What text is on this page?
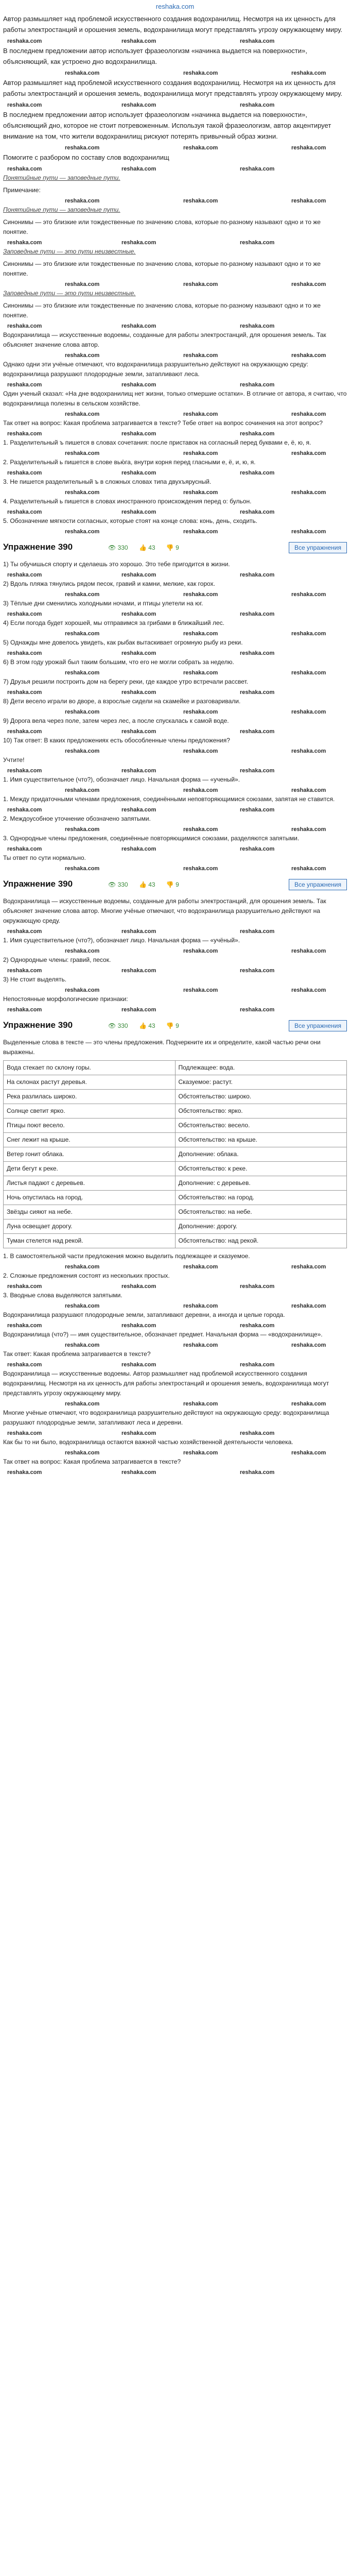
reshaka.com

Автор размышляет над проблемой искусственного создания водохранилищ. Несмотря на их ценность для работы электростанций и орошения земель, водохранилища могут представлять угрозу окружающему миру.

reshaka.com	reshaka.com	reshaka.com

В последнем предложении автор использует фразеологизм «начинка выдается на поверхности», объясняющий, как устроено дно водохранилища.

reshaka.com	reshaka.com	reshaka.com

Автор размышляет над проблемой искусственного создания водохранилищ. Несмотря на их ценность для работы электростанций и орошения земель, водохранилища могут представлять угрозу окружающему миру.

reshaka.com	reshaka.com	reshaka.com

В последнем предложении автор использует фразеологизм «начинка выдается на поверхности», объясняющий дно, которое не стоит потревоженным. Используя такой фразеологизм, автор акцентирует внимание на том, что жители водохранилищ рискуют потерять привычный образ жизни.

reshaka.com	reshaka.com	reshaka.com

Помогите с разбором по составу слов водохранилищ

reshaka.com	reshaka.com	reshaka.com

Понятийные пути — заповедные пути.

Примечание:

reshaka.com	reshaka.com	reshaka.com

Понятийные пути — заповедные пути.

Синонимы — это близкие или тождественные по значению слова, которые по-разному называют одно и то же понятие.

reshaka.com	reshaka.com	reshaka.com

Заповедные пути — это пути неизвестные.

Синонимы — это близкие или тождественные по значению слова, которые по-разному называют одно и то же понятие.

reshaka.com	reshaka.com	reshaka.com

Заповедные пути — это пути неизвестные.

Синонимы — это близкие или тождественные по значению слова, которые по-разному называют одно и то же понятие.

reshaka.com	reshaka.com	reshaka.com

Водохранилища — искусственные водоемы, созданные для работы электростанций, для орошения земель. Так объясняет значение слова автор.

reshaka.com	reshaka.com	reshaka.com

Однако одни эти учёные отмечают, что водохранилища разрушительно действуют на окружающую среду: водохранилища разрушают плодородные земли, затапливают леса.

reshaka.com	reshaka.com	reshaka.com

Один ученый сказал: «На дне водохранилищ нет жизни, только отмершие остатки». В отличие от автора, я считаю, что водохранилища полезны в сельском хозяйстве.

reshaka.com	reshaka.com	reshaka.com

Так ответ на вопрос: Какая проблема затрагивается в тексте? Тебе ответ на вопрос сочинения на этот вопрос?

reshaka.com	reshaka.com	reshaka.com

1. Разделительный ъ пишется в словах сочетания: после приставок на согласный перед буквами е, ё, ю, я.

reshaka.com	reshaka.com	reshaka.com

2. Разделительный ь пишется в слове вью́га, внутри корня перед гласными е, ё, и, ю, я.

reshaka.com	reshaka.com	reshaka.com

3. Не пишется разделительный ъ в сложных словах типа двухъярусный.

reshaka.com	reshaka.com	reshaka.com

4. Разделительный ь пишется в словах иностранного происхождения перед о: бульон.

reshaka.com	reshaka.com	reshaka.com

5. Обозначение мягкости согласных, которые стоят на конце слова: конь, день, сходить.

reshaka.com	reshaka.com	reshaka.com
Упражнение 390	👁 330 👍 43 👎 9	Все упражнения

1) Ты обучишься спорту и сделаешь это хорошо. Это тебе пригодится в жизни.

reshaka.com	reshaka.com	reshaka.com

2) Вдоль пляжа тянулись рядом песок, гравий и камни, мелкие, как горох.

reshaka.com	reshaka.com	reshaka.com

3) Тёплые дни сменились холодными ночами, и птицы улетели на юг.

reshaka.com	reshaka.com	reshaka.com

4) Если погода будет хорошей, мы отправимся за грибами в ближайший лес.

reshaka.com	reshaka.com	reshaka.com

5) Однажды мне довелось увидеть, как рыбак вытаскивает огромную рыбу из реки.

reshaka.com	reshaka.com	reshaka.com

6) В этом году урожай был таким большим, что его не могли собрать за неделю.

reshaka.com	reshaka.com	reshaka.com

7) Друзья решили построить дом на берегу реки, где каждое утро встречали рассвет.

reshaka.com	reshaka.com	reshaka.com

8) Дети весело играли во дворе, а взрослые сидели на скамейке и разговаривали.

reshaka.com	reshaka.com	reshaka.com

9) Дорога вела через поле, затем через лес, а после спускалась к самой воде.

reshaka.com	reshaka.com	reshaka.com

10) Так ответ: В каких предложениях есть обособленные члены предложения?

reshaka.com	reshaka.com	reshaka.com

Учтите!

reshaka.com	reshaka.com	reshaka.com

1. Имя существительное (что?), обозначает лицо. Начальная форма — «ученый».

reshaka.com	reshaka.com	reshaka.com

1. Между придаточными членами предложения, соединёнными неповторяющимися союзами, запятая не ставится.

reshaka.com	reshaka.com	reshaka.com

2. Междоусобное уточнение обозначено запятыми.

reshaka.com	reshaka.com	reshaka.com

3. Однородные члены предложения, соединённые повторяющимися союзами, разделяются запятыми.

reshaka.com	reshaka.com	reshaka.com

Ты ответ по сути нормально.

reshaka.com	reshaka.com	reshaka.com
Упражнение 390	👁 330 👍 43 👎 9	Все упражнения

Водохранилища — искусственные водоемы, созданные для работы электростанций, для орошения земель. Так объясняет значение слова автор. Многие учёные отмечают, что водохранилища разрушительно действуют на окружающую среду.

reshaka.com	reshaka.com	reshaka.com

1. Имя существительное (что?), обозначает лицо. Начальная форма — «учёный».

reshaka.com	reshaka.com	reshaka.com

2) Однородные члены: гравий, песок.

reshaka.com	reshaka.com	reshaka.com

3) Не стоит выделять.

reshaka.com	reshaka.com	reshaka.com

Непостоянные морфологические признаки:

reshaka.com	reshaka.com	reshaka.com
Упражнение 390	👁 330 👍 43 👎 9	Все упражнения

Выделенные слова в тексте — это члены предложения. Подчеркните их и определите, какой частью речи они выражены.

Вода стекает по склону горы.	Подлежащее: вода.
На склонах растут деревья.	Сказуемое: растут.
Река разлилась широко.	Обстоятельство: широко.
Солнце светит ярко.	Обстоятельство: ярко.
Птицы поют весело.	Обстоятельство: весело.
Снег лежит на крыше.	Обстоятельство: на крыше.
Ветер гонит облака.	Дополнение: облака.
Дети бегут к реке.	Обстоятельство: к реке.
Листья падают с деревьев.	Дополнение: с деревьев.
Ночь опустилась на город.	Обстоятельство: на город.
Звёзды сияют на небе.	Обстоятельство: на небе.
Луна освещает дорогу.	Дополнение: дорогу.
Туман стелется над рекой.	Обстоятельство: над рекой.

1. В самостоятельной части предложения можно выделить подлежащее и сказуемое.

reshaka.com	reshaka.com	reshaka.com

2. Сложные предложения состоят из нескольких простых.

reshaka.com	reshaka.com	reshaka.com

3. Вводные слова выделяются запятыми.

reshaka.com	reshaka.com	reshaka.com

Водохранилища разрушают плодородные земли, затапливают деревни, а иногда и целые города.

reshaka.com	reshaka.com	reshaka.com

Водохранилища (что?) — имя существительное, обозначает предмет. Начальная форма — «водохранилище».

reshaka.com	reshaka.com	reshaka.com

Так ответ: Какая проблема затрагивается в тексте?

reshaka.com	reshaka.com	reshaka.com

Водохранилища — искусственные водоемы. Автор размышляет над проблемой искусственного создания водохранилищ. Несмотря на их ценность для работы электростанций и орошения земель, водохранилища могут представлять угрозу окружающему миру.

reshaka.com	reshaka.com	reshaka.com

Многие учёные отмечают, что водохранилища разрушительно действуют на окружающую среду: водохранилища разрушают плодородные земли, затапливают леса и деревни.

reshaka.com	reshaka.com	reshaka.com

Как бы то ни было, водохранилища остаются важной частью хозяйственной деятельности человека.

reshaka.com	reshaka.com	reshaka.com

Так ответ на вопрос: Какая проблема затрагивается в тексте?

reshaka.com	reshaka.com	reshaka.com
